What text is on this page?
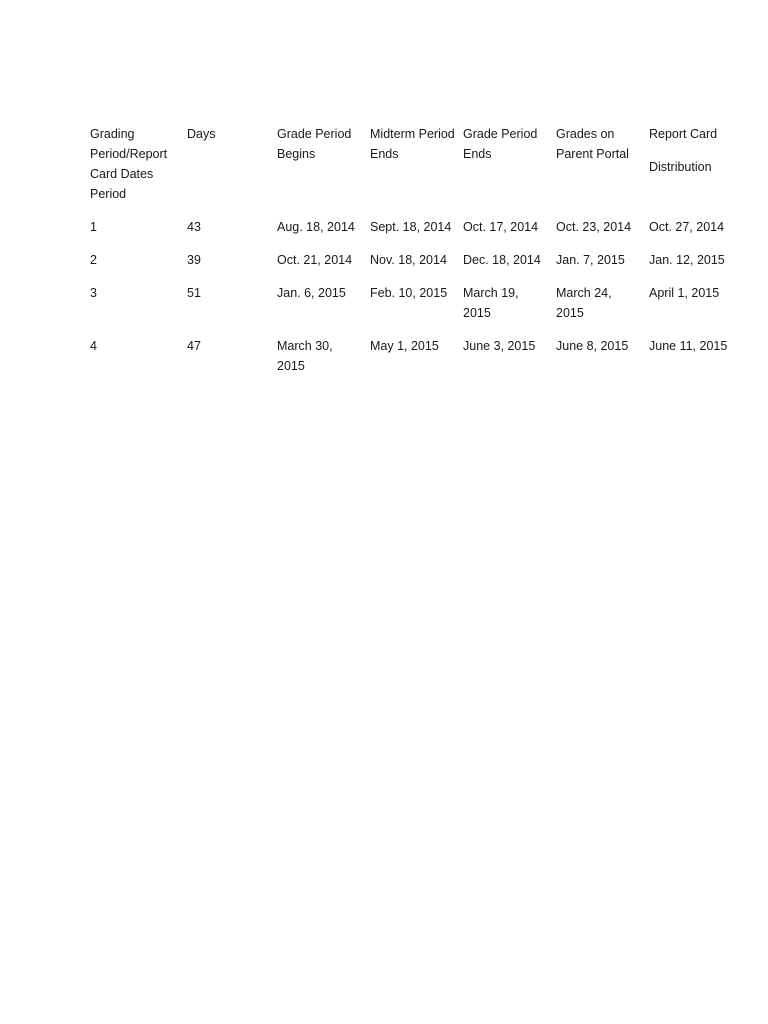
Grading Period/Report Card Dates Period	Days	Grade Period Begins	Midterm Period Ends	Grade Period Ends	Grades on Parent Portal	Report Card
Distribution

1	43	Aug. 18, 2014	Sept. 18, 2014	Oct. 17, 2014	Oct. 23, 2014	Oct. 27, 2014
2	39	Oct. 21, 2014	Nov. 18, 2014	Dec. 18, 2014	Jan. 7, 2015	Jan. 12, 2015
3	51	Jan. 6, 2015	Feb. 10, 2015	March 19, 2015	March 24, 2015	April 1, 2015
4	47	March 30, 2015	May 1, 2015	June 3, 2015	June 8, 2015	June 11, 2015
